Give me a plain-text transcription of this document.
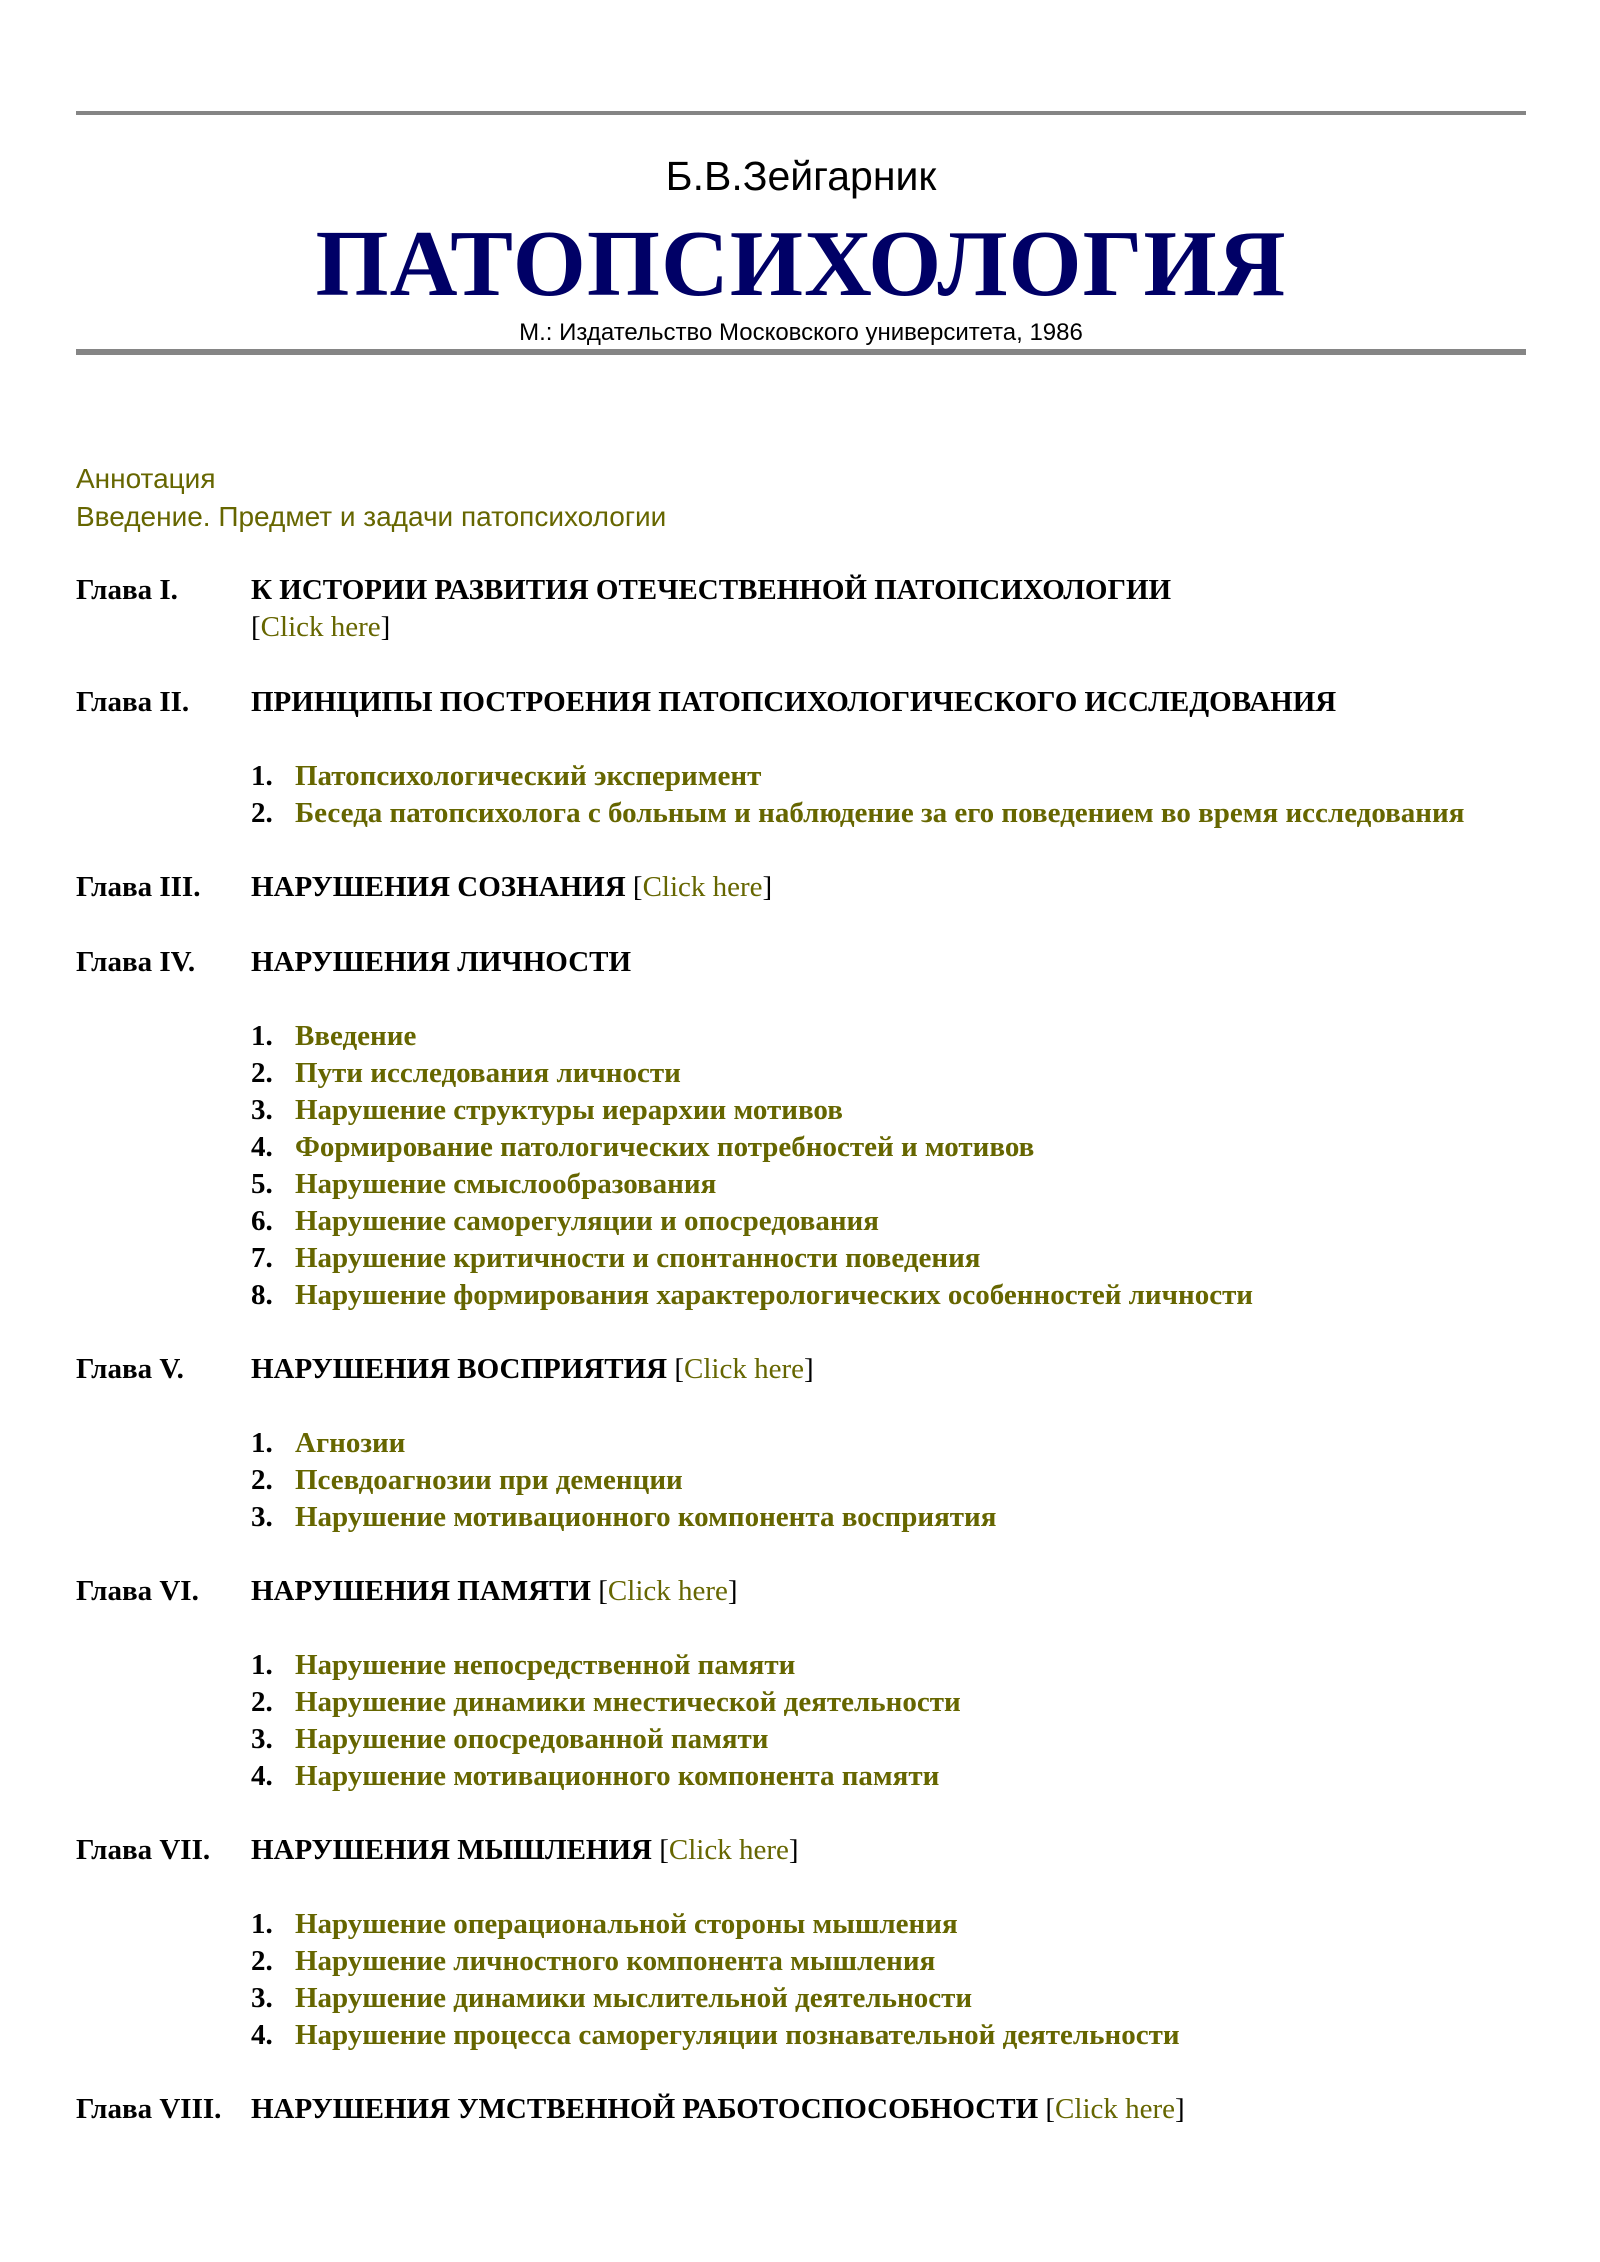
Б.В.Зейгарник
ПАТОПСИХОЛОГИЯ
М.: Издательство Московского университета, 1986
Аннотация
Введение. Предмет и задачи патопсихологии
Глава I.	К ИСТОРИИ РАЗВИТИЯ ОТЕЧЕСТВЕННОЙ ПАТОПСИХОЛОГИИ
[Click here]
Глава II.	ПРИНЦИПЫ ПОСТРОЕНИЯ ПАТОПСИХОЛОГИЧЕСКОГО ИССЛЕДОВАНИЯ
1. Патопсихологический эксперимент
2. Беседа патопсихолога с больным и наблюдение за его поведением во время исследования
Глава III.	НАРУШЕНИЯ СОЗНАНИЯ [Click here]
Глава IV.	НАРУШЕНИЯ ЛИЧНОСТИ
1. Введение
2. Пути исследования личности
3. Нарушение структуры иерархии мотивов
4. Формирование патологических потребностей и мотивов
5. Нарушение смыслообразования
6. Нарушение саморегуляции и опосредования
7. Нарушение критичности и спонтанности поведения
8. Нарушение формирования характерологических особенностей личности
Глава V.	НАРУШЕНИЯ ВОСПРИЯТИЯ [Click here]
1. Агнозии
2. Псевдоагнозии при деменции
3. Нарушение мотивационного компонента восприятия
Глава VI.	НАРУШЕНИЯ ПАМЯТИ [Click here]
1. Нарушение непосредственной памяти
2. Нарушение динамики мнестической деятельности
3. Нарушение опосредованной памяти
4. Нарушение мотивационного компонента памяти
Глава VII.	НАРУШЕНИЯ МЫШЛЕНИЯ [Click here]
1. Нарушение операциональной стороны мышления
2. Нарушение личностного компонента мышления
3. Нарушение динамики мыслительной деятельности
4. Нарушение процесса саморегуляции познавательной деятельности
Глава VIII.	НАРУШЕНИЯ УМСТВЕННОЙ РАБОТОСПОСОБНОСТИ [Click here]
